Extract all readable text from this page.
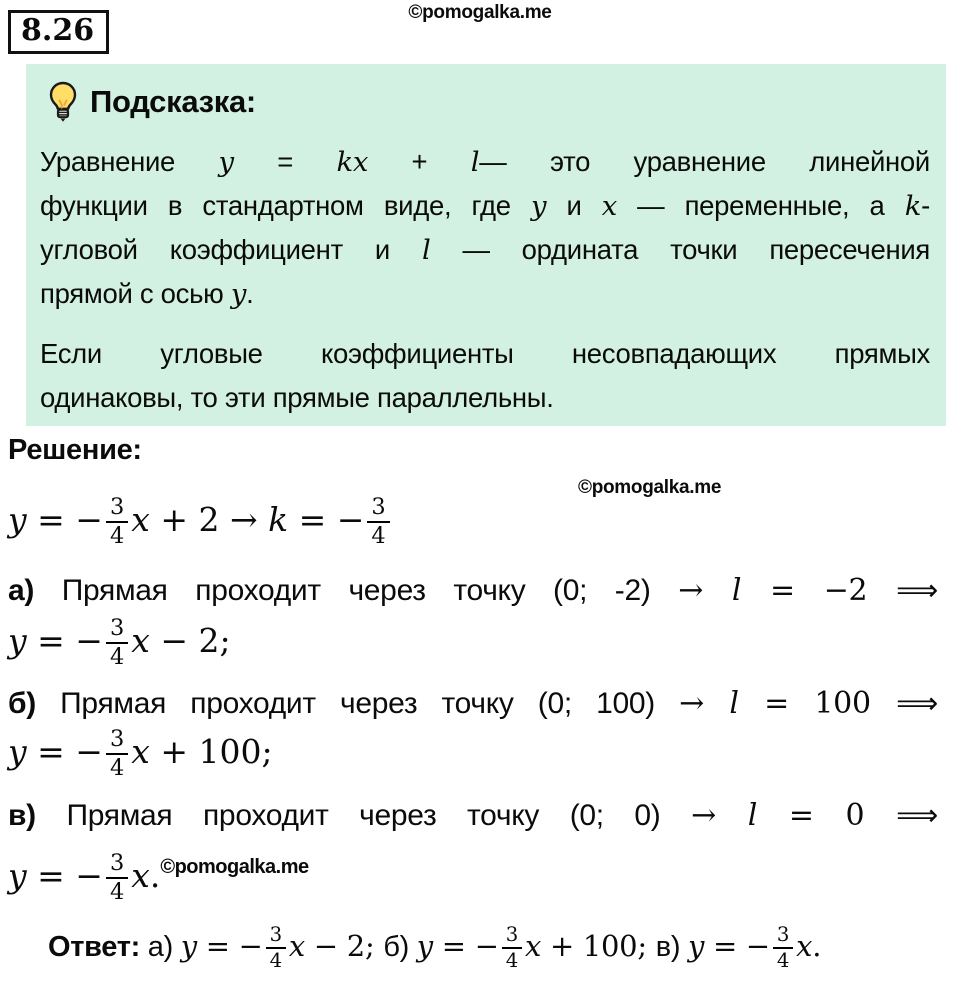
8.26
©pomogalka.me
Подсказка:
Уравнение y = kx + l— это уравнение линейной
функции в стандартном виде, где y и x — переменные, а k-
угловой коэффициент и l — ордината точки пересечения
прямой с осью y.
Если угловые коэффициенты несовпадающих прямых
одинаковы, то эти прямые параллельны.
Решение:
©pomogalka.me
y = − $\frac{3}{4}$ x + 2 → k = − $\frac{3}{4}$
а) Прямая проходит через точку (0; -2) → l = −2 ⟹
y = − $\frac{3}{4}$ x − 2;
б) Прямая проходит через точку (0; 100) → l = 100 ⟹
y = − $\frac{3}{4}$ x + 100;
в) Прямая проходит через точку (0; 0) → l = 0 ⟹
y = − $\frac{3}{4} x.^{©pomogalka.me}$
Ответ: а) y = − $\frac{3}{4}$ x − 2; б) y = − $\frac{3}{4}$ x + 100; в) y = − $\frac{3}{4} x$.
